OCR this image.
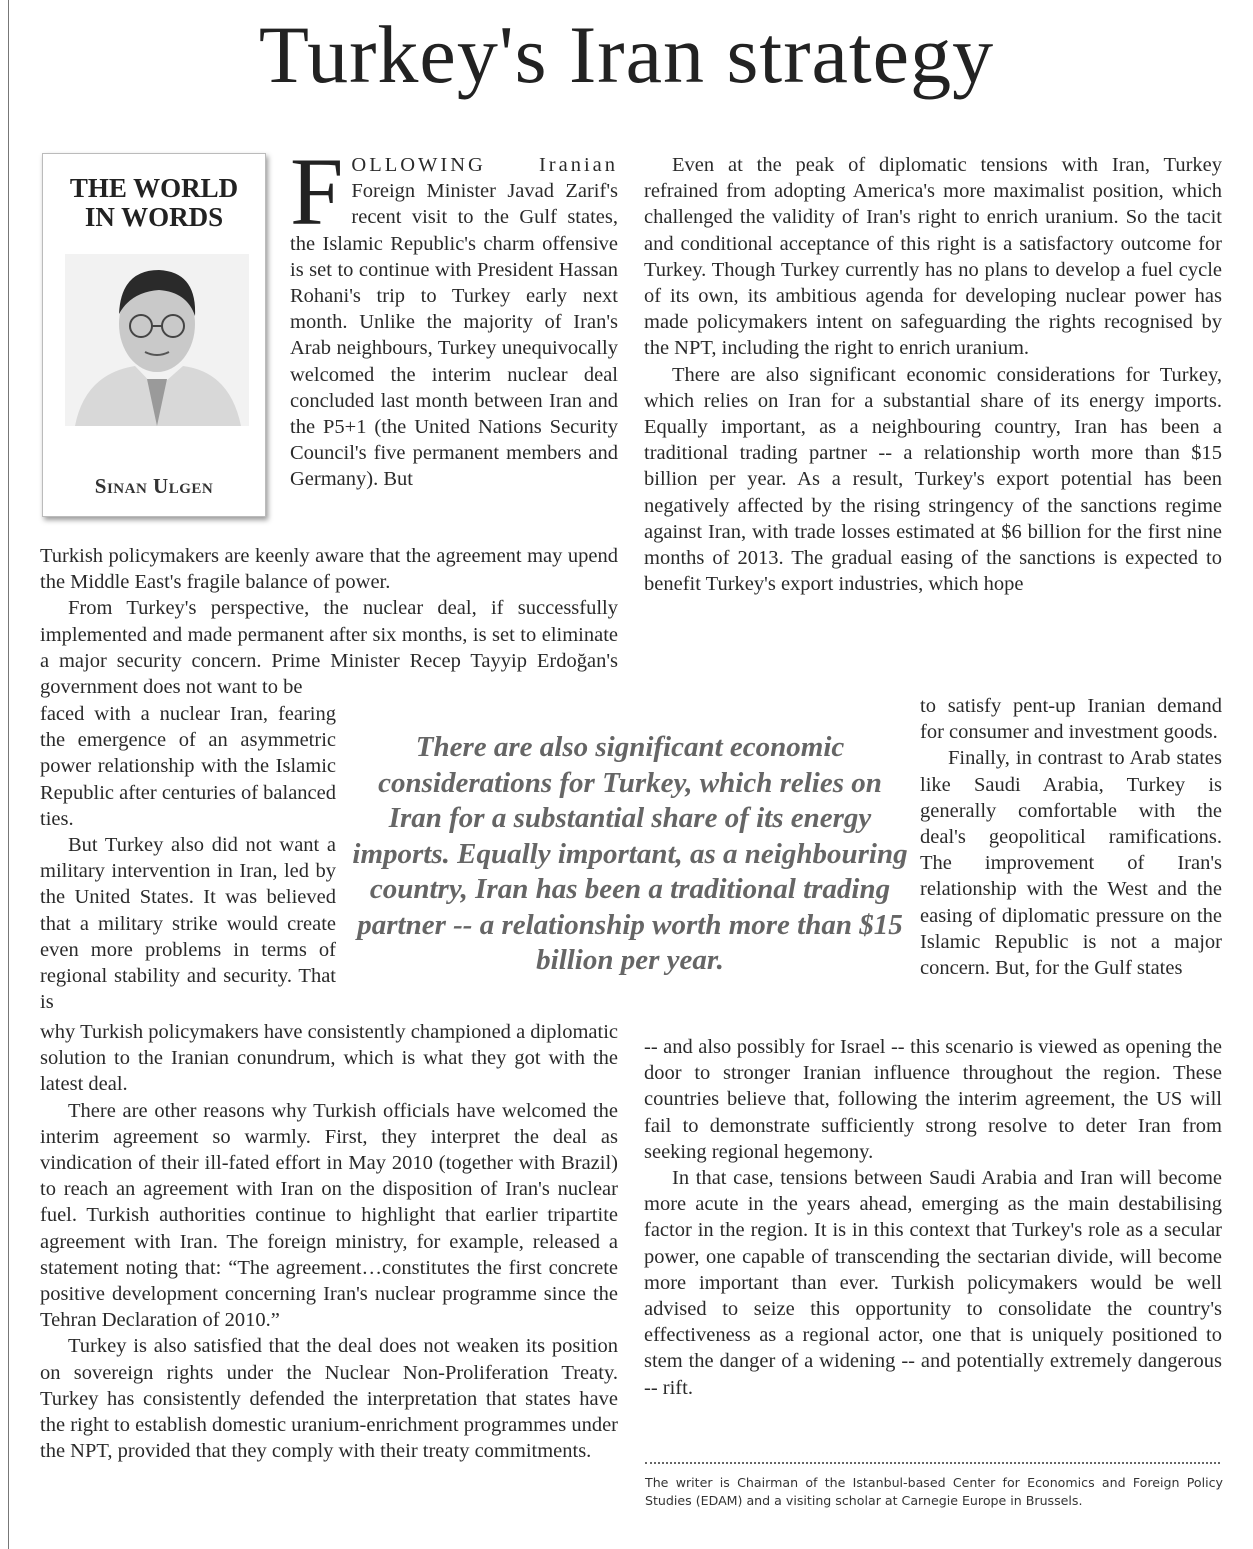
Turkey's Iran strategy
THE WORLD
IN WORDS
Sinan Ulgen

FOLLOWING Iranian Foreign Minister Javad Zarif's recent visit to the Gulf states, the Islamic Republic's charm offensive is set to continue with President Hassan Rohani's trip to Turkey early next month. Unlike the majority of Iran's Arab neighbours, Turkey unequivocally welcomed the interim nuclear deal concluded last month between Iran and the P5+1 (the United Nations Security Council's five permanent members and Germany). But

Turkish policymakers are keenly aware that the agreement may upend the Middle East's fragile balance of power.

From Turkey's perspective, the nuclear deal, if successfully implemented and made permanent after six months, is set to eliminate a major security concern. Prime Minister Recep Tayyip Erdoğan's government does not want to be

faced with a nuclear Iran, fearing the emergence of an asymmetric power relationship with the Islamic Republic after centuries of balanced ties.

But Turkey also did not want a military intervention in Iran, led by the United States. It was believed that a military strike would create even more problems in terms of regional stability and security. That is

why Turkish policymakers have consistently championed a diplomatic solution to the Iranian conundrum, which is what they got with the latest deal.

There are other reasons why Turkish officials have welcomed the interim agreement so warmly. First, they interpret the deal as vindication of their ill-fated effort in May 2010 (together with Brazil) to reach an agreement with Iran on the disposition of Iran's nuclear fuel. Turkish authorities continue to highlight that earlier tripartite agreement with Iran. The foreign ministry, for example, released a statement noting that: “The agreement…constitutes the first concrete positive development concerning Iran's nuclear programme since the Tehran Declaration of 2010.”

Turkey is also satisfied that the deal does not weaken its position on sovereign rights under the Nuclear Non-Proliferation Treaty. Turkey has consistently defended the interpretation that states have the right to establish domestic uranium-enrichment programmes under the NPT, provided that they comply with their treaty commitments.

Even at the peak of diplomatic tensions with Iran, Turkey refrained from adopting America's more maximalist position, which challenged the validity of Iran's right to enrich uranium. So the tacit and conditional acceptance of this right is a satisfactory outcome for Turkey. Though Turkey currently has no plans to develop a fuel cycle of its own, its ambitious agenda for developing nuclear power has made policymakers intent on safeguarding the rights recognised by the NPT, including the right to enrich uranium.

There are also significant economic considerations for Turkey, which relies on Iran for a substantial share of its energy imports. Equally important, as a neighbouring country, Iran has been a traditional trading partner -- a relationship worth more than $15 billion per year. As a result, Turkey's export potential has been negatively affected by the rising stringency of the sanctions regime against Iran, with trade losses estimated at $6 billion for the first nine months of 2013. The gradual easing of the sanctions is expected to benefit Turkey's export industries, which hope

to satisfy pent-up Iranian demand for consumer and investment goods.

Finally, in contrast to Arab states like Saudi Arabia, Turkey is generally comfortable with the deal's geopolitical ramifications. The improvement of Iran's relationship with the West and the easing of diplomatic pressure on the Islamic Republic is not a major concern. But, for the Gulf states

-- and also possibly for Israel -- this scenario is viewed as opening the door to stronger Iranian influence throughout the region. These countries believe that, following the interim agreement, the US will fail to demonstrate sufficiently strong resolve to deter Iran from seeking regional hegemony.

In that case, tensions between Saudi Arabia and Iran will become more acute in the years ahead, emerging as the main destabilising factor in the region. It is in this context that Turkey's role as a secular power, one capable of transcending the sectarian divide, will become more important than ever. Turkish policymakers would be well advised to seize this opportunity to consolidate the country's effectiveness as a regional actor, one that is uniquely positioned to stem the danger of a widening -- and potentially extremely dangerous -- rift.

There are also significant economic considerations for Turkey, which relies on Iran for a substantial share of its energy imports. Equally important, as a neighbouring country, Iran has been a traditional trading partner -- a relationship worth more than $15 billion per year.
The writer is Chairman of the Istanbul-based Center for Economics and Foreign Policy Studies (EDAM) and a visiting scholar at Carnegie Europe in Brussels.
